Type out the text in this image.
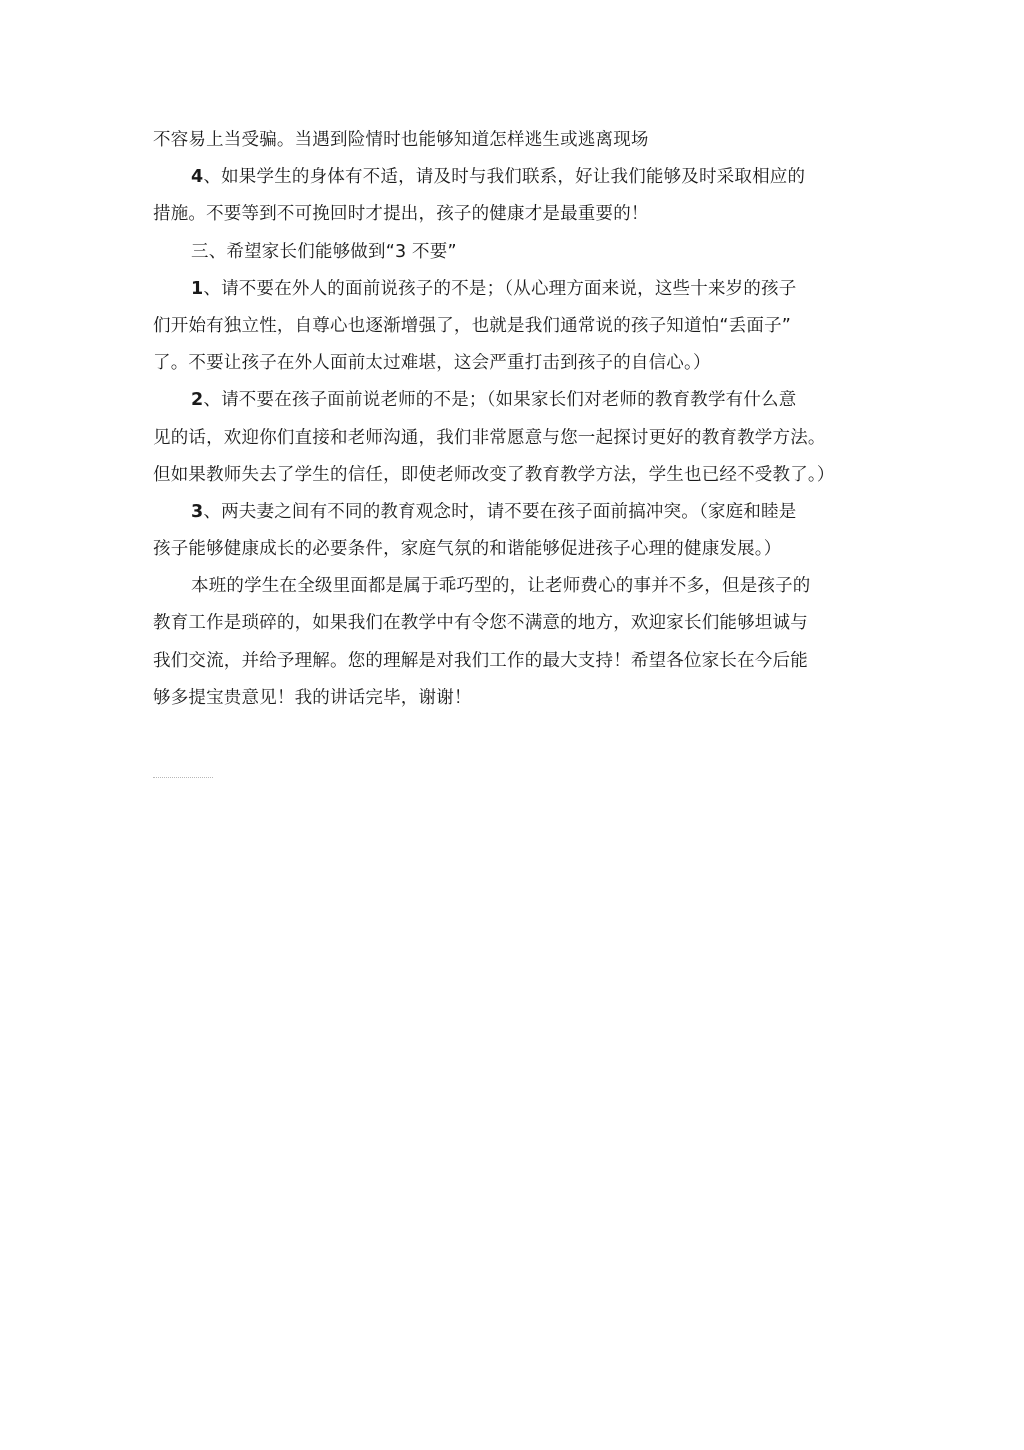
不容易上当受骗。当遇到险情时也能够知道怎样逃生或逃离现场
4、如果学生的身体有不适，请及时与我们联系，好让我们能够及时采取相应的
措施。不要等到不可挽回时才提出，孩子的健康才是最重要的！
三、希望家长们能够做到“3 不要”
1、请不要在外人的面前说孩子的不是；（从心理方面来说，这些十来岁的孩子
们开始有独立性，自尊心也逐渐增强了，也就是我们通常说的孩子知道怕“丢面子”
了。不要让孩子在外人面前太过难堪，这会严重打击到孩子的自信心。）
2、请不要在孩子面前说老师的不是；（如果家长们对老师的教育教学有什么意
见的话，欢迎你们直接和老师沟通，我们非常愿意与您一起探讨更好的教育教学方法。
但如果教师失去了学生的信任，即使老师改变了教育教学方法，学生也已经不受教了。）
3、两夫妻之间有不同的教育观念时，请不要在孩子面前搞冲突。（家庭和睦是
孩子能够健康成长的必要条件，家庭气氛的和谐能够促进孩子心理的健康发展。）
本班的学生在全级里面都是属于乖巧型的，让老师费心的事并不多，但是孩子的
教育工作是琐碎的，如果我们在教学中有令您不满意的地方，欢迎家长们能够坦诚与
我们交流，并给予理解。您的理解是对我们工作的最大支持！希望各位家长在今后能
够多提宝贵意见！我的讲话完毕，谢谢！
